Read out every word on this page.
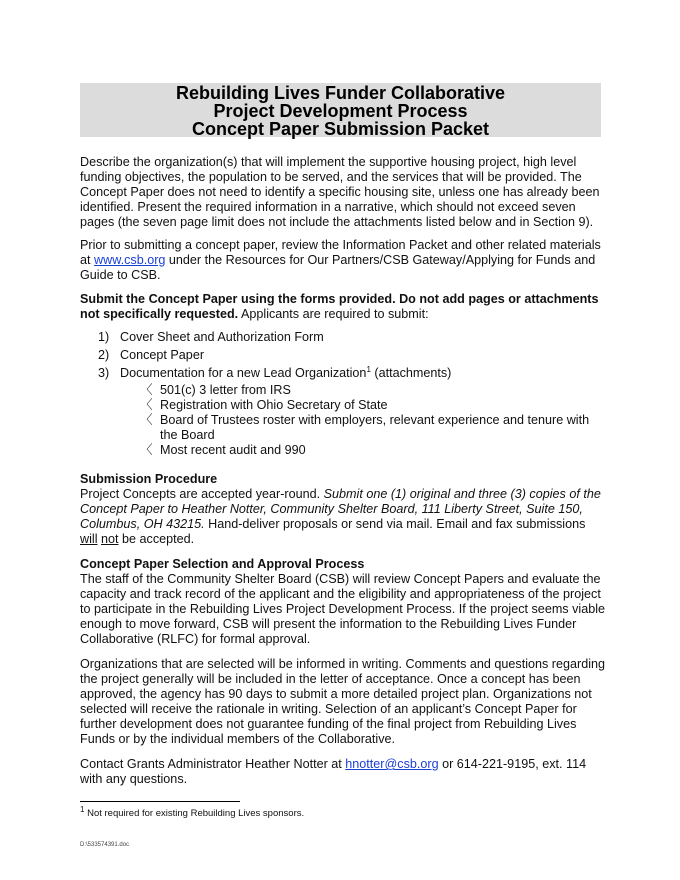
Rebuilding Lives Funder Collaborative
Project Development Process
Concept Paper Submission Packet

Describe the organization(s) that will implement the supportive housing project, high level funding objectives, the population to be served, and the services that will be provided. The Concept Paper does not need to identify a specific housing site, unless one has already been identified. Present the required information in a narrative, which should not exceed seven pages (the seven page limit does not include the attachments listed below and in Section 9).

Prior to submitting a concept paper, review the Information Packet and other related materials at www.csb.org under the Resources for Our Partners/CSB Gateway/Applying for Funds and Guide to CSB.

Submit the Concept Paper using the forms provided. Do not add pages or attachments not specifically requested. Applicants are required to submit:

1) Cover Sheet and Authorization Form
2) Concept Paper
3) Documentation for a new Lead Organization$^1$ (attachments)
〈 501(c) 3 letter from IRS
〈 Registration with Ohio Secretary of State
〈 Board of Trustees roster with employers, relevant experience and tenure with the Board
〈 Most recent audit and 990
Submission Procedure

Project Concepts are accepted year-round. Submit one (1) original and three (3) copies of the Concept Paper to Heather Notter, Community Shelter Board, 111 Liberty Street, Suite 150, Columbus, OH 43215. Hand-deliver proposals or send via mail. Email and fax submissions will not be accepted.

Concept Paper Selection and Approval Process

The staff of the Community Shelter Board (CSB) will review Concept Papers and evaluate the capacity and track record of the applicant and the eligibility and appropriateness of the project to participate in the Rebuilding Lives Project Development Process. If the project seems viable enough to move forward, CSB will present the information to the Rebuilding Lives Funder Collaborative (RLFC) for formal approval.

Organizations that are selected will be informed in writing. Comments and questions regarding the project generally will be included in the letter of acceptance. Once a concept has been approved, the agency has 90 days to submit a more detailed project plan. Organizations not selected will receive the rationale in writing. Selection of an applicant’s Concept Paper for further development does not guarantee funding of the final project from Rebuilding Lives Funds or by the individual members of the Collaborative.

Contact Grants Administrator Heather Notter at hnotter@csb.org or 614-221-9195, ext. 114 with any questions.

$^1$ Not required for existing Rebuilding Lives sponsors.
D:\533574391.doc
